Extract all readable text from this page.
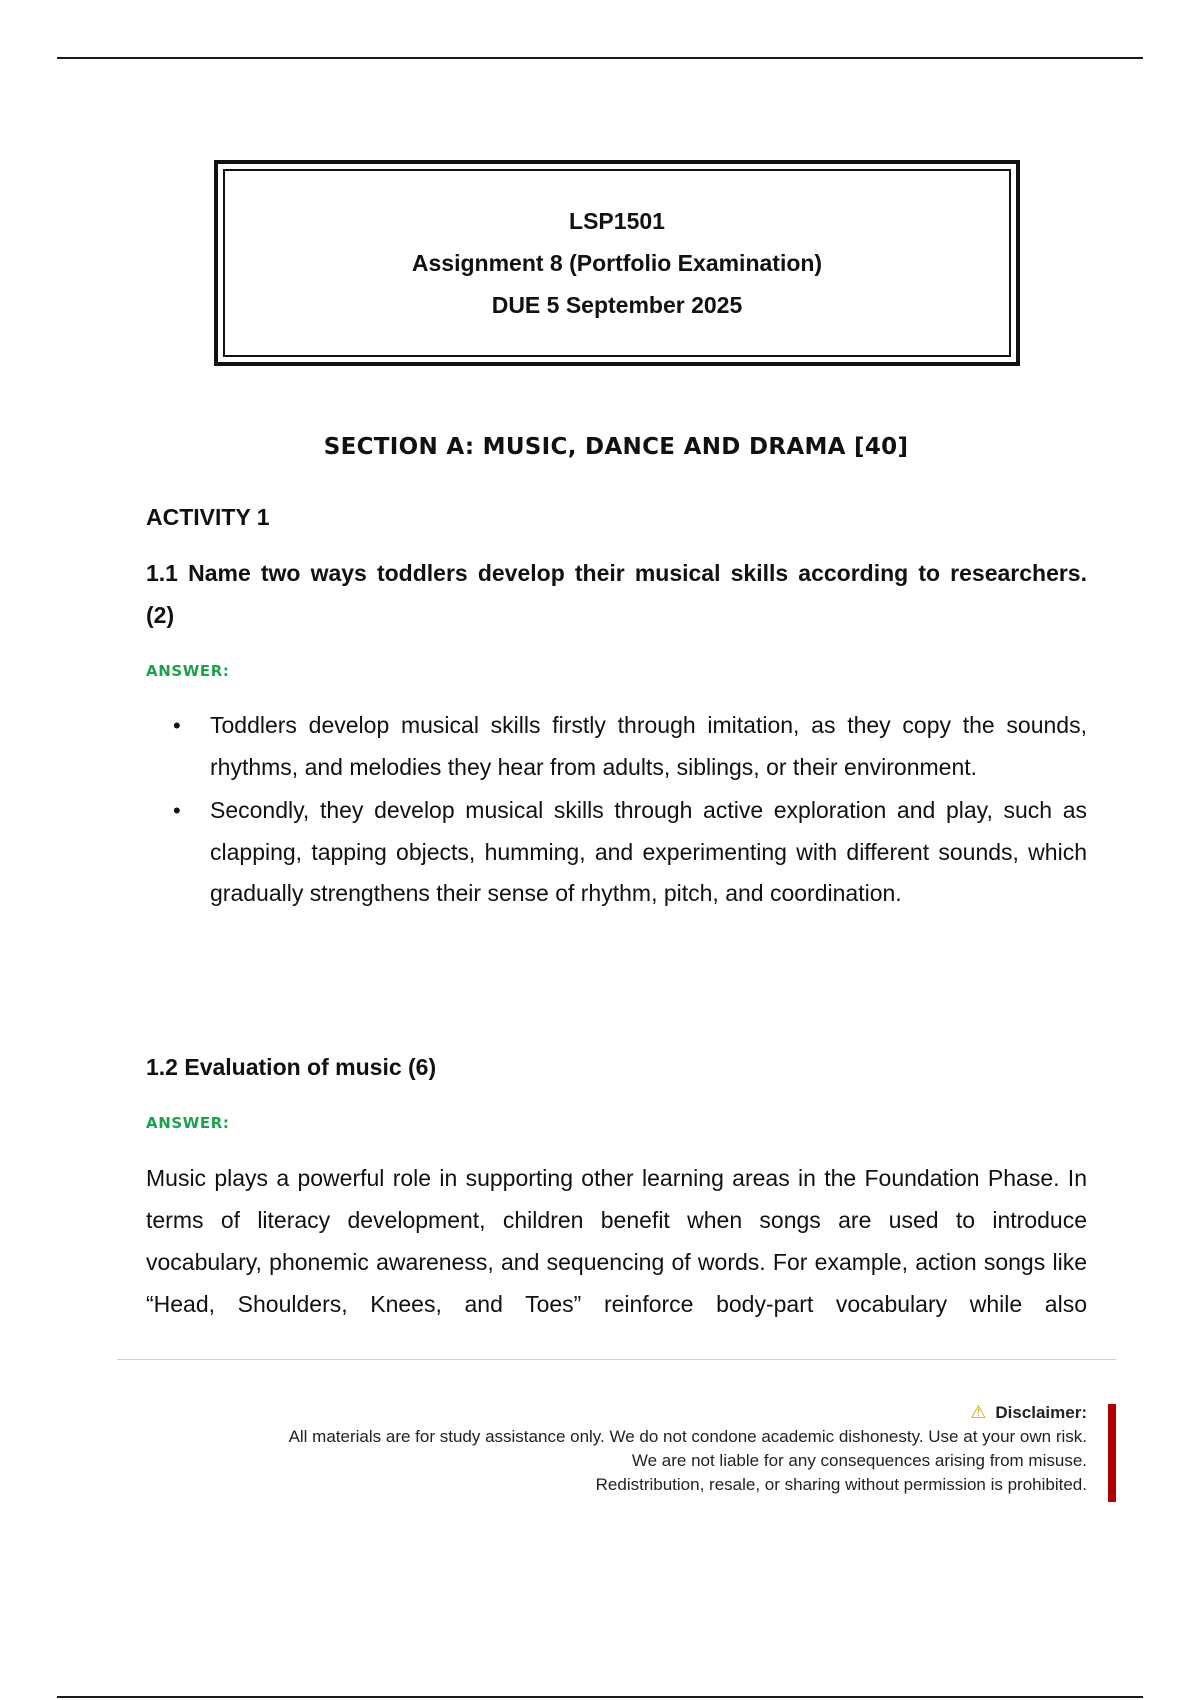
LSP1501
Assignment 8 (Portfolio Examination)
DUE 5 September 2025
SECTION A: MUSIC, DANCE AND DRAMA [40]
ACTIVITY 1
1.1 Name two ways toddlers develop their musical skills according to researchers. (2)
ANSWER:
• Toddlers develop musical skills firstly through imitation, as they copy the sounds, rhythms, and melodies they hear from adults, siblings, or their environment.
• Secondly, they develop musical skills through active exploration and play, such as clapping, tapping objects, humming, and experimenting with different sounds, which gradually strengthens their sense of rhythm, pitch, and coordination.
1.2 Evaluation of music (6)
ANSWER:
Music plays a powerful role in supporting other learning areas in the Foundation Phase. In terms of literacy development, children benefit when songs are used to introduce vocabulary, phonemic awareness, and sequencing of words. For example, action songs like “Head, Shoulders, Knees, and Toes” reinforce body-part vocabulary while also
⚠ Disclaimer:
All materials are for study assistance only. We do not condone academic dishonesty. Use at your own risk.
We are not liable for any consequences arising from misuse.
Redistribution, resale, or sharing without permission is prohibited.
